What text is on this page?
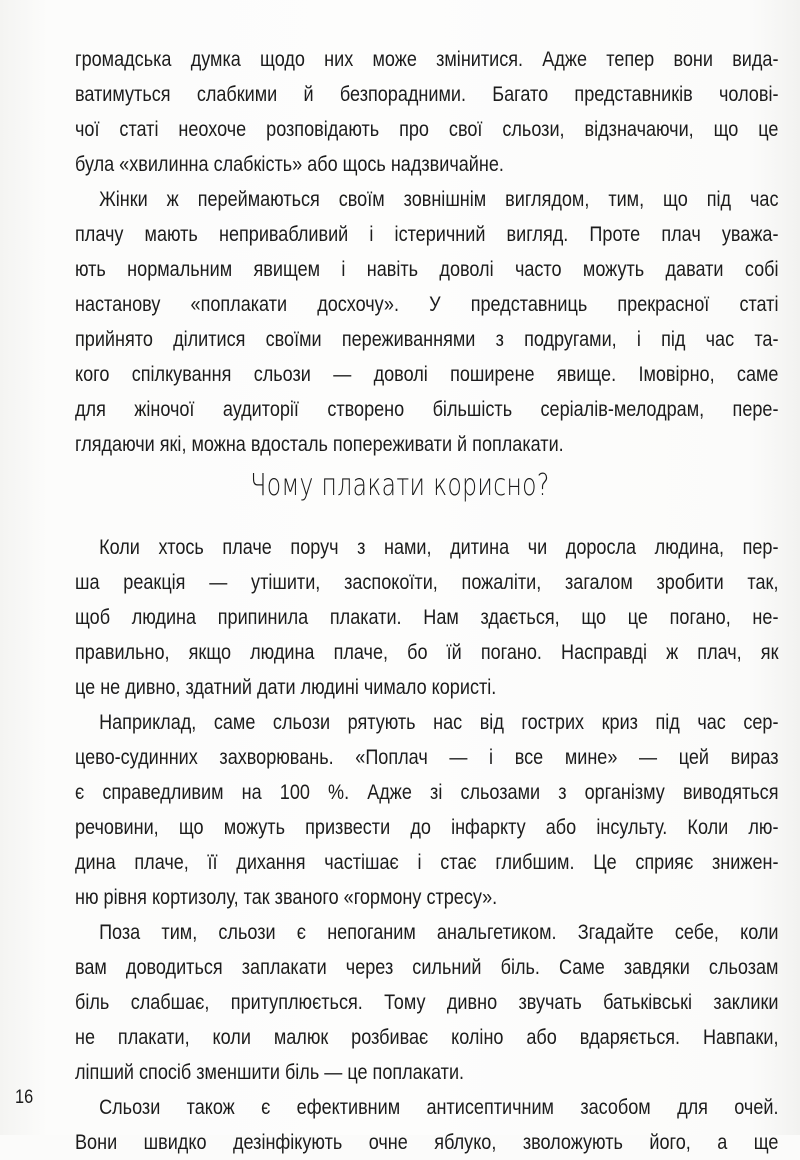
громадська думка щодо них може змінитися. Адже тепер вони вида-
ватимуться слабкими й безпорадними. Багато представників чолові-
чої статі неохоче розповідають про свої сльози, відзначаючи, що це
була «хвилинна слабкість» або щось надзвичайне.
Жінки ж переймаються своїм зовнішнім виглядом, тим, що під час
плачу мають непривабливий і істеричний вигляд. Проте плач уважа-
ють нормальним явищем і навіть доволі часто можуть давати собі
настанову «поплакати досхочу». У представниць прекрасної статі
прийнято ділитися своїми переживаннями з подругами, і під час та-
кого спілкування сльози — доволі поширене явище. Імовірно, саме
для жіночої аудиторії створено більшість серіалів-мелодрам, пере-
глядаючи які, можна вдосталь попереживати й поплакати.
Чому плакати корисно?
Коли хтось плаче поруч з нами, дитина чи доросла людина, пер-
ша реакція — утішити, заспокоїти, пожаліти, загалом зробити так,
щоб людина припинила плакати. Нам здається, що це погано, не-
правильно, якщо людина плаче, бо їй погано. Насправді ж плач, як
це не дивно, здатний дати людині чимало користі.
Наприклад, саме сльози рятують нас від гострих криз під час сер-
цево-судинних захворювань. «Поплач — і все мине» — цей вираз
є справедливим на 100 %. Адже зі сльозами з організму виводяться
речовини, що можуть призвести до інфаркту або інсульту. Коли лю-
дина плаче, її дихання частішає і стає глибшим. Це сприяє знижен-
ню рівня кортизолу, так званого «гормону стресу».
Поза тим, сльози є непоганим анальгетиком. Згадайте себе, коли
вам доводиться заплакати через сильний біль. Саме завдяки сльозам
біль слабшає, притуплюється. Тому дивно звучать батьківські заклики
не плакати, коли малюк розбиває коліно або вдаряється. Навпаки,
ліпший спосіб зменшити біль — це поплакати.
Сльози також є ефективним антисептичним засобом для очей.
Вони швидко дезінфікують очне яблуко, зволожують його, а ще
16
